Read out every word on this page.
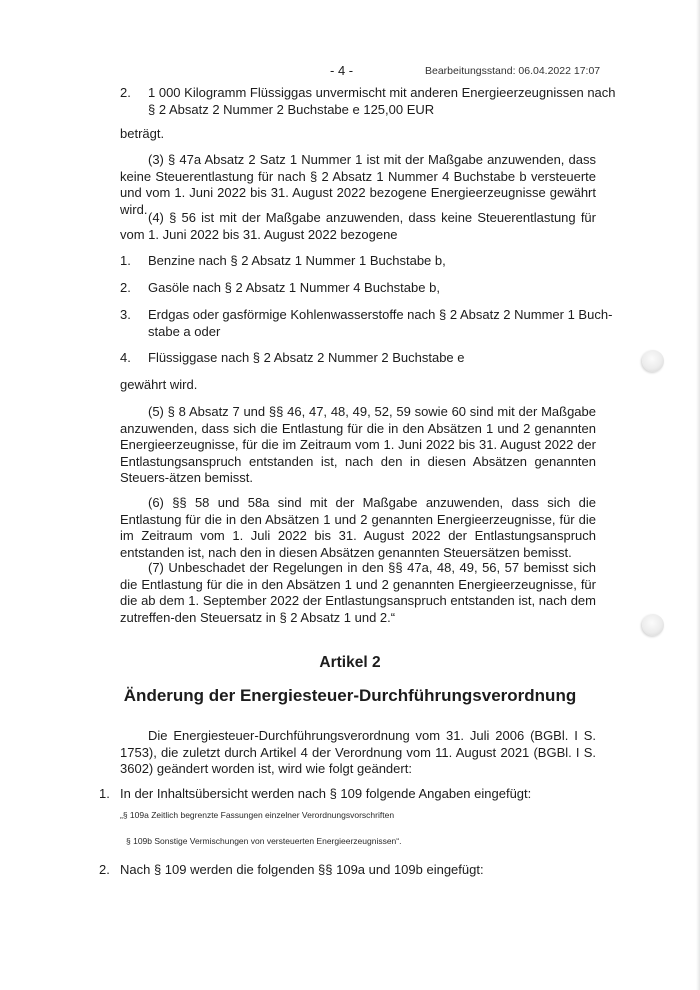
- 4 -	Bearbeitungsstand: 06.04.2022 17:07
2. 1 000 Kilogramm Flüssiggas unvermischt mit anderen Energieerzeugnissen nach
§ 2 Absatz 2 Nummer 2 Buchstabe e 125,00 EUR
beträgt.
(3) § 47a Absatz 2 Satz 1 Nummer 1 ist mit der Maßgabe anzuwenden, dass keine Steuerentlastung für nach § 2 Absatz 1 Nummer 4 Buchstabe b versteuerte und vom 1. Juni 2022 bis 31. August 2022 bezogene Energieerzeugnisse gewährt wird.
(4) § 56 ist mit der Maßgabe anzuwenden, dass keine Steuerentlastung für vom 1. Juni 2022 bis 31. August 2022 bezogene
1. Benzine nach § 2 Absatz 1 Nummer 1 Buchstabe b,
2. Gasöle nach § 2 Absatz 1 Nummer 4 Buchstabe b,
3. Erdgas oder gasförmige Kohlenwasserstoffe nach § 2 Absatz 2 Nummer 1 Buch-
stabe a oder
4. Flüssiggase nach § 2 Absatz 2 Nummer 2 Buchstabe e
gewährt wird.
(5) § 8 Absatz 7 und §§ 46, 47, 48, 49, 52, 59 sowie 60 sind mit der Maßgabe anzuwenden, dass sich die Entlastung für die in den Absätzen 1 und 2 genannten Energieerzeugnisse, für die im Zeitraum vom 1. Juni 2022 bis 31. August 2022 der Entlastungsanspruch entstanden ist, nach den in diesen Absätzen genannten Steuers-ätzen bemisst.
(6) §§ 58 und 58a sind mit der Maßgabe anzuwenden, dass sich die Entlastung für die in den Absätzen 1 und 2 genannten Energieerzeugnisse, für die im Zeitraum vom 1. Juli 2022 bis 31. August 2022 der Entlastungsanspruch entstanden ist, nach den in diesen Absätzen genannten Steuersätzen bemisst.
(7) Unbeschadet der Regelungen in den §§ 47a, 48, 49, 56, 57 bemisst sich die Entlastung für die in den Absätzen 1 und 2 genannten Energieerzeugnisse, für die ab dem 1. September 2022 der Entlastungsanspruch entstanden ist, nach dem zutreffen-den Steuersatz in § 2 Absatz 1 und 2.“
Artikel 2
Änderung der Energiesteuer-Durchführungsverordnung
Die Energiesteuer-Durchführungsverordnung vom 31. Juli 2006 (BGBl. I S. 1753), die zuletzt durch Artikel 4 der Verordnung vom 11. August 2021 (BGBl. I S. 3602) geändert worden ist, wird wie folgt geändert:
1. In der Inhaltsübersicht werden nach § 109 folgende Angaben eingefügt:
„§ 109a Zeitlich begrenzte Fassungen einzelner Verordnungsvorschriften
§ 109b Sonstige Vermischungen von versteuerten Energieerzeugnissen“.
2. Nach § 109 werden die folgenden §§ 109a und 109b eingefügt:
